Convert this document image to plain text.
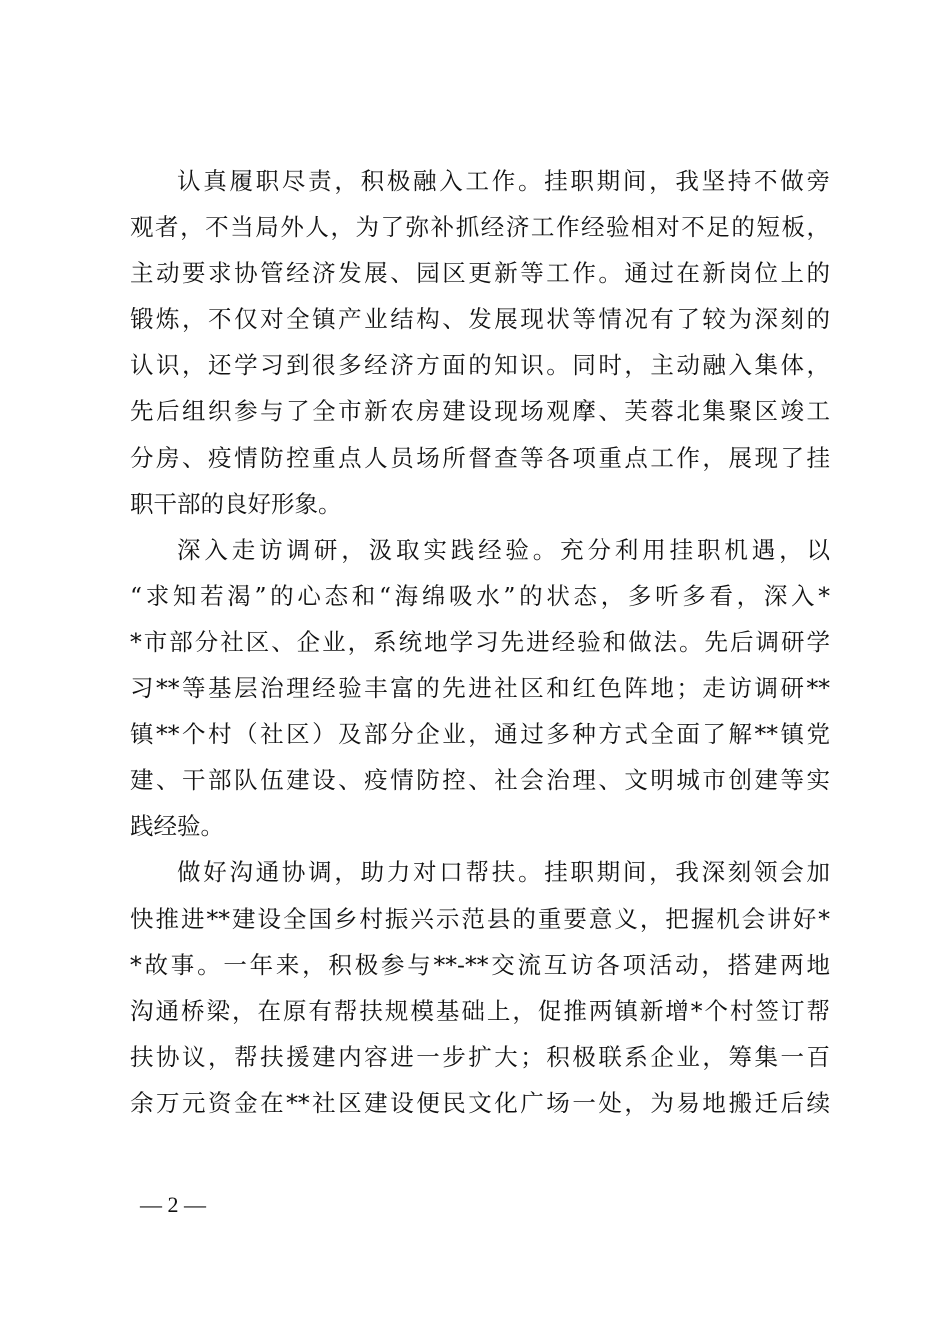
认真履职尽责，积极融入工作。挂职期间，我坚持不做旁
观者，不当局外人，为了弥补抓经济工作经验相对不足的短板，
主动要求协管经济发展、园区更新等工作。通过在新岗位上的
锻炼，不仅对全镇产业结构、发展现状等情况有了较为深刻的
认识，还学习到很多经济方面的知识。同时，主动融入集体，
先后组织参与了全市新农房建设现场观摩、芙蓉北集聚区竣工
分房、疫情防控重点人员场所督查等各项重点工作，展现了挂
职干部的良好形象。
深入走访调研，汲取实践经验。充分利用挂职机遇，以
“求知若渴”的心态和“海绵吸水”的状态，多听多看，深入*
*市部分社区、企业，系统地学习先进经验和做法。先后调研学
习**等基层治理经验丰富的先进社区和红色阵地；走访调研**
镇**个村（社区）及部分企业，通过多种方式全面了解**镇党
建、干部队伍建设、疫情防控、社会治理、文明城市创建等实
践经验。
做好沟通协调，助力对口帮扶。挂职期间，我深刻领会加
快推进**建设全国乡村振兴示范县的重要意义，把握机会讲好*
*故事。一年来，积极参与**-**交流互访各项活动，搭建两地
沟通桥梁，在原有帮扶规模基础上，促推两镇新增*个村签订帮
扶协议，帮扶援建内容进一步扩大；积极联系企业，筹集一百
余万元资金在**社区建设便民文化广场一处，为易地搬迁后续
— 2 —
